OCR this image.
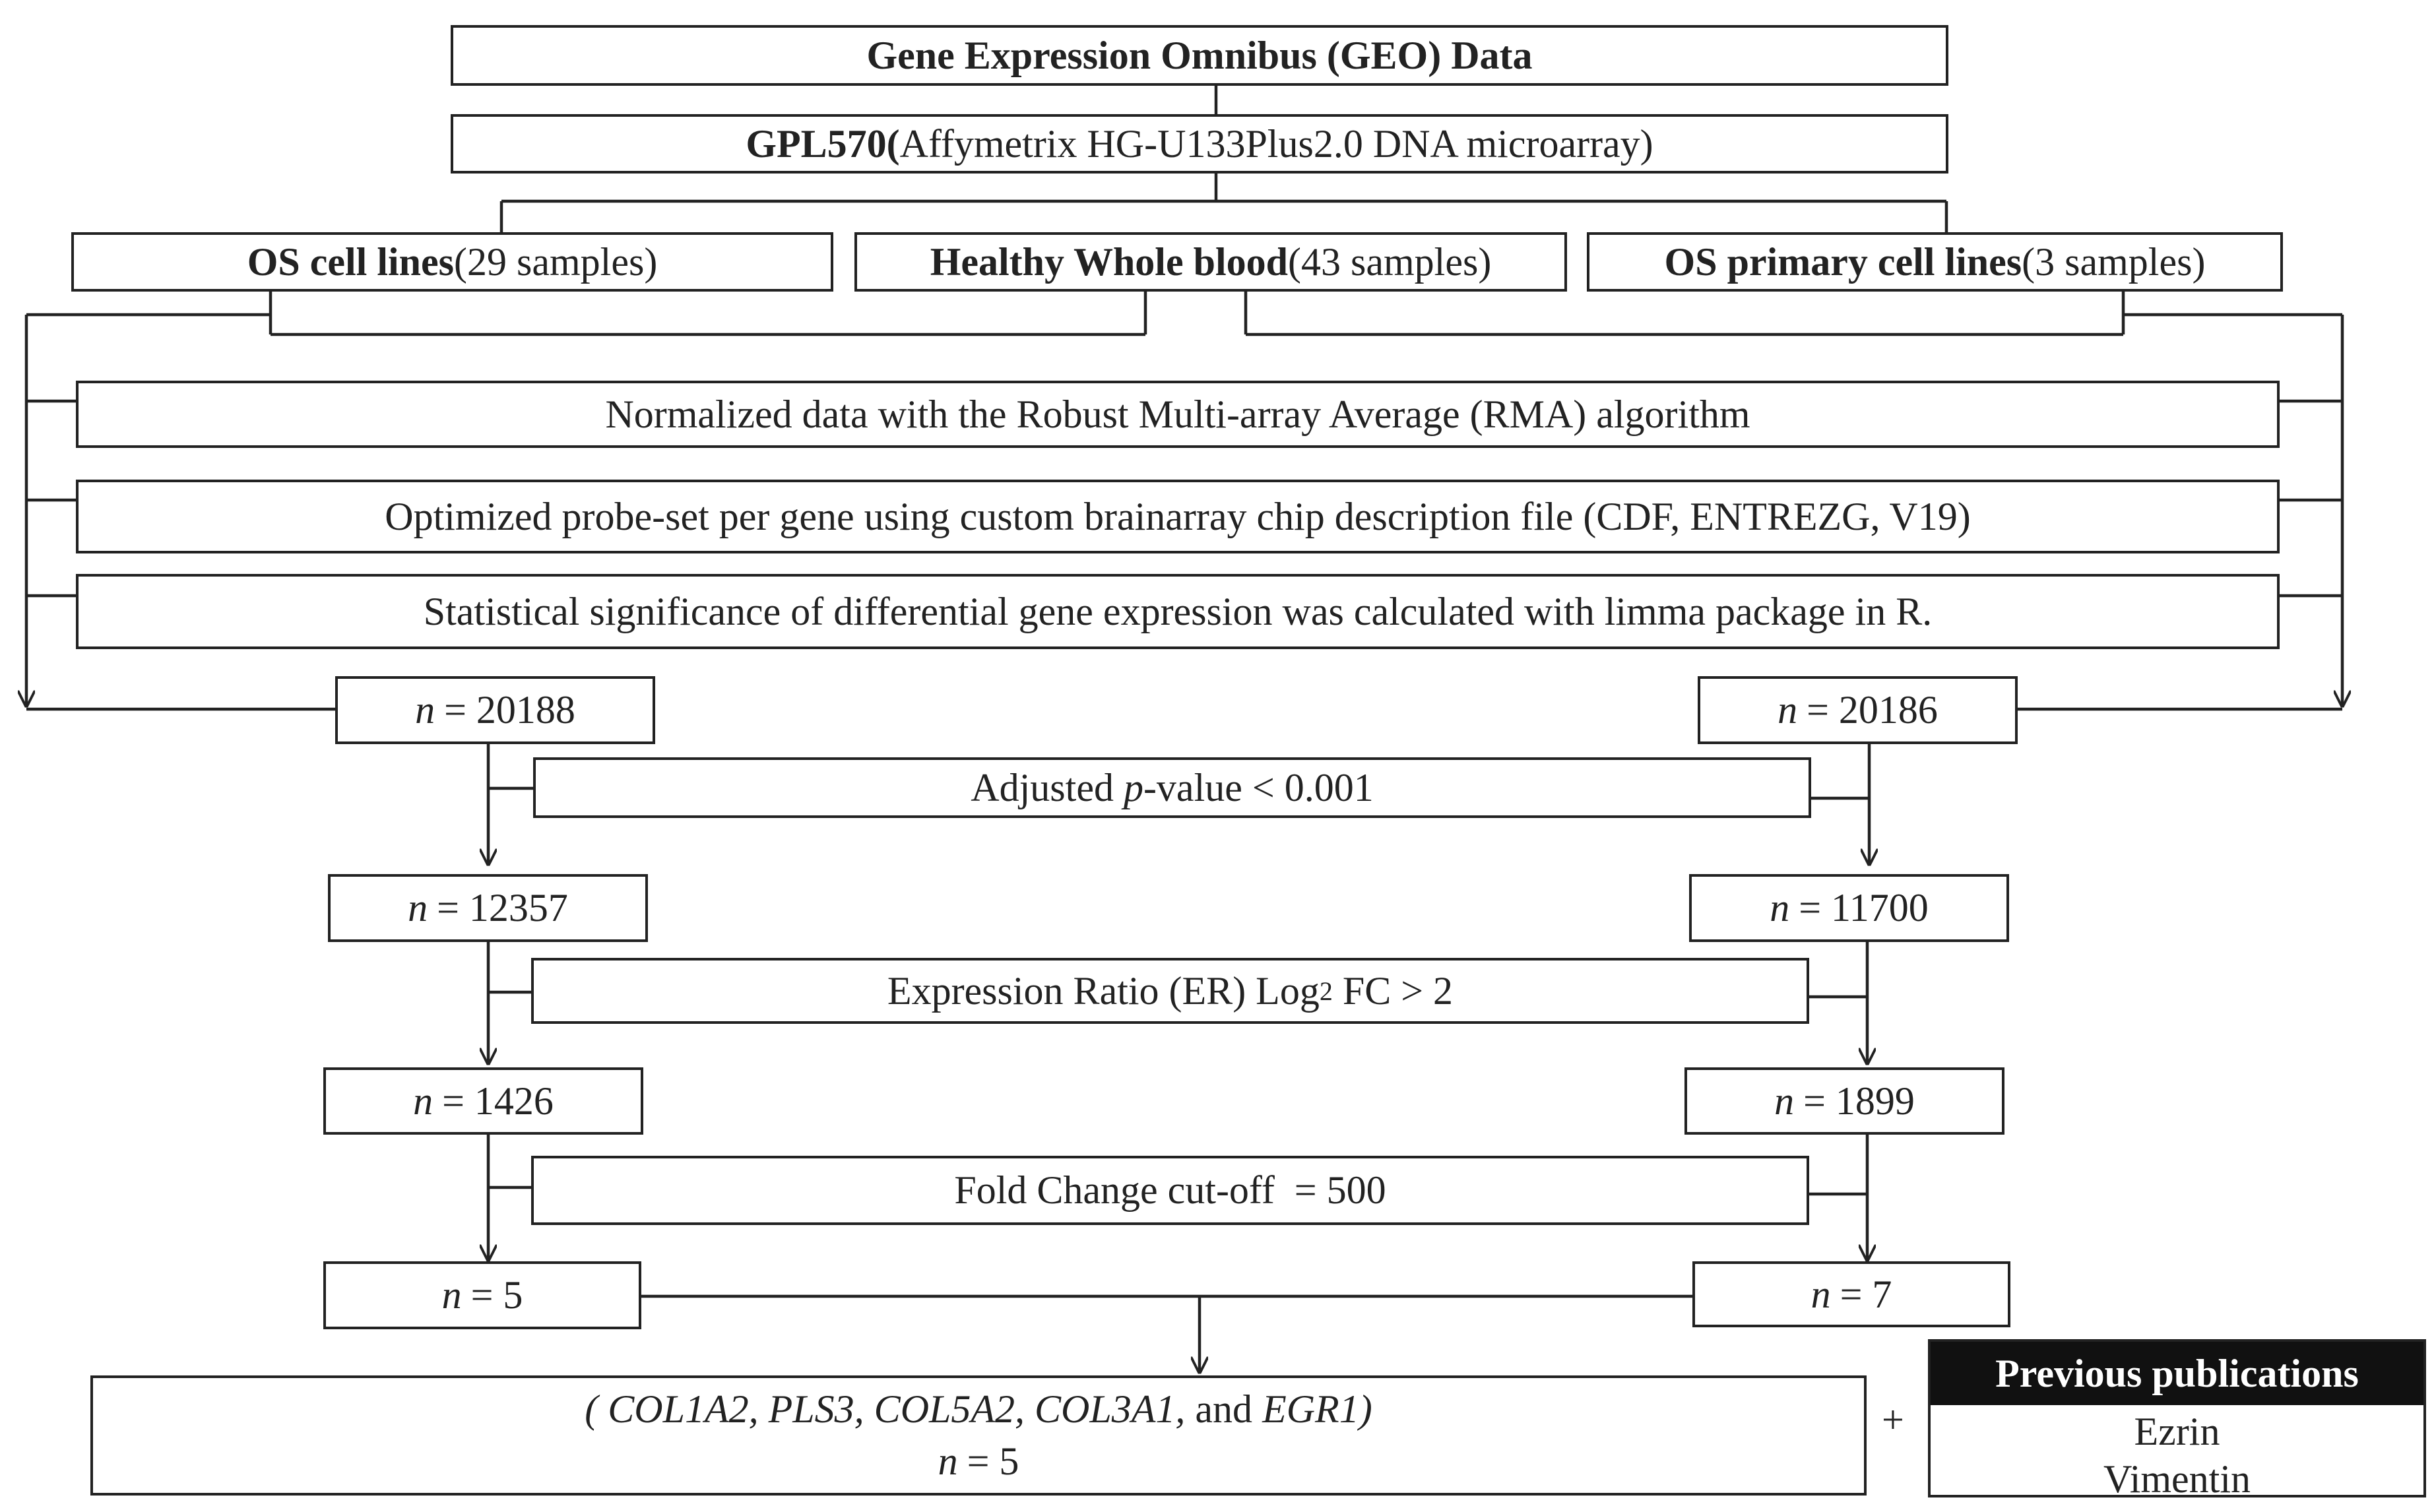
Gene Expression Omnibus (GEO) Data
GPL570 ( Affymetrix HG-U133Plus2.0 DNA microarray)
OS cell lines (29 samples)	Healthy Whole blood (43 samples)	OS primary cell lines (3 samples)
Normalized data with the Robust Multi-array Average (RMA) algorithm
Optimized probe-set per gene using custom brainarray chip description file (CDF, ENTREZG, V19)
Statistical significance of differential gene expression was calculated with limma package in R.
n = 20188	n = 20186
Adjusted p -value < 0.001
n = 12357	n = 11700
Expression Ratio (ER) Log 2 FC > 2
n = 1426	n = 1899
Fold Change cut-off  = 500
n = 5	n = 7
( COL1A2, PLS3, COL5A2, COL3A1, and EGR1)
n = 5
+
Previous publications
Ezrin
Vimentin
